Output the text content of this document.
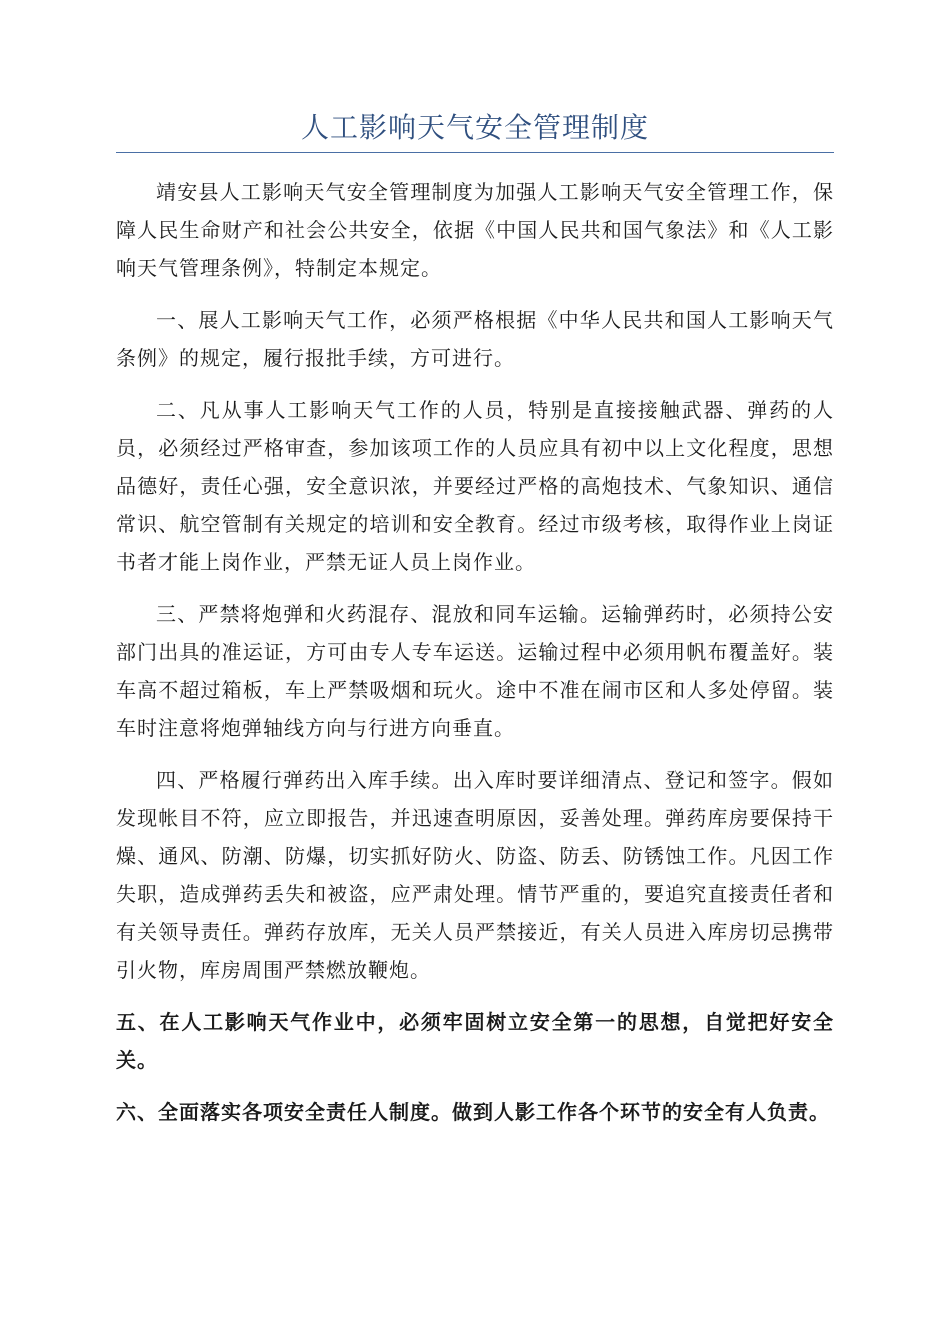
人工影响天气安全管理制度

靖安县人工影响天气安全管理制度为加强人工影响天气安全管理工作，保障人民生命财产和社会公共安全，依据《中国人民共和国气象法》和《人工影响天气管理条例》，特制定本规定。

一、展人工影响天气工作，必须严格根据《中华人民共和国人工影响天气条例》的规定，履行报批手续，方可进行。

二、凡从事人工影响天气工作的人员，特别是直接接触武器、弹药的人员，必须经过严格审查，参加该项工作的人员应具有初中以上文化程度，思想品德好，责任心强，安全意识浓，并要经过严格的高炮技术、气象知识、通信常识、航空管制有关规定的培训和安全教育。经过市级考核，取得作业上岗证书者才能上岗作业，严禁无证人员上岗作业。

三、严禁将炮弹和火药混存、混放和同车运输。运输弹药时，必须持公安部门出具的准运证，方可由专人专车运送。运输过程中必须用帆布覆盖好。装车高不超过箱板，车上严禁吸烟和玩火。途中不准在闹市区和人多处停留。装车时注意将炮弹轴线方向与行进方向垂直。

四、严格履行弹药出入库手续。出入库时要详细清点、登记和签字。假如发现帐目不符，应立即报告，并迅速查明原因，妥善处理。弹药库房要保持干燥、通风、防潮、防爆，切实抓好防火、防盗、防丢、防锈蚀工作。凡因工作失职，造成弹药丢失和被盗，应严肃处理。情节严重的，要追究直接责任者和有关领导责任。弹药存放库，无关人员严禁接近，有关人员进入库房切忌携带引火物，库房周围严禁燃放鞭炮。

五、在人工影响天气作业中，必须牢固树立安全第一的思想，自觉把好安全关。

六、全面落实各项安全责任人制度。做到人影工作各个环节的安全有人负责。
